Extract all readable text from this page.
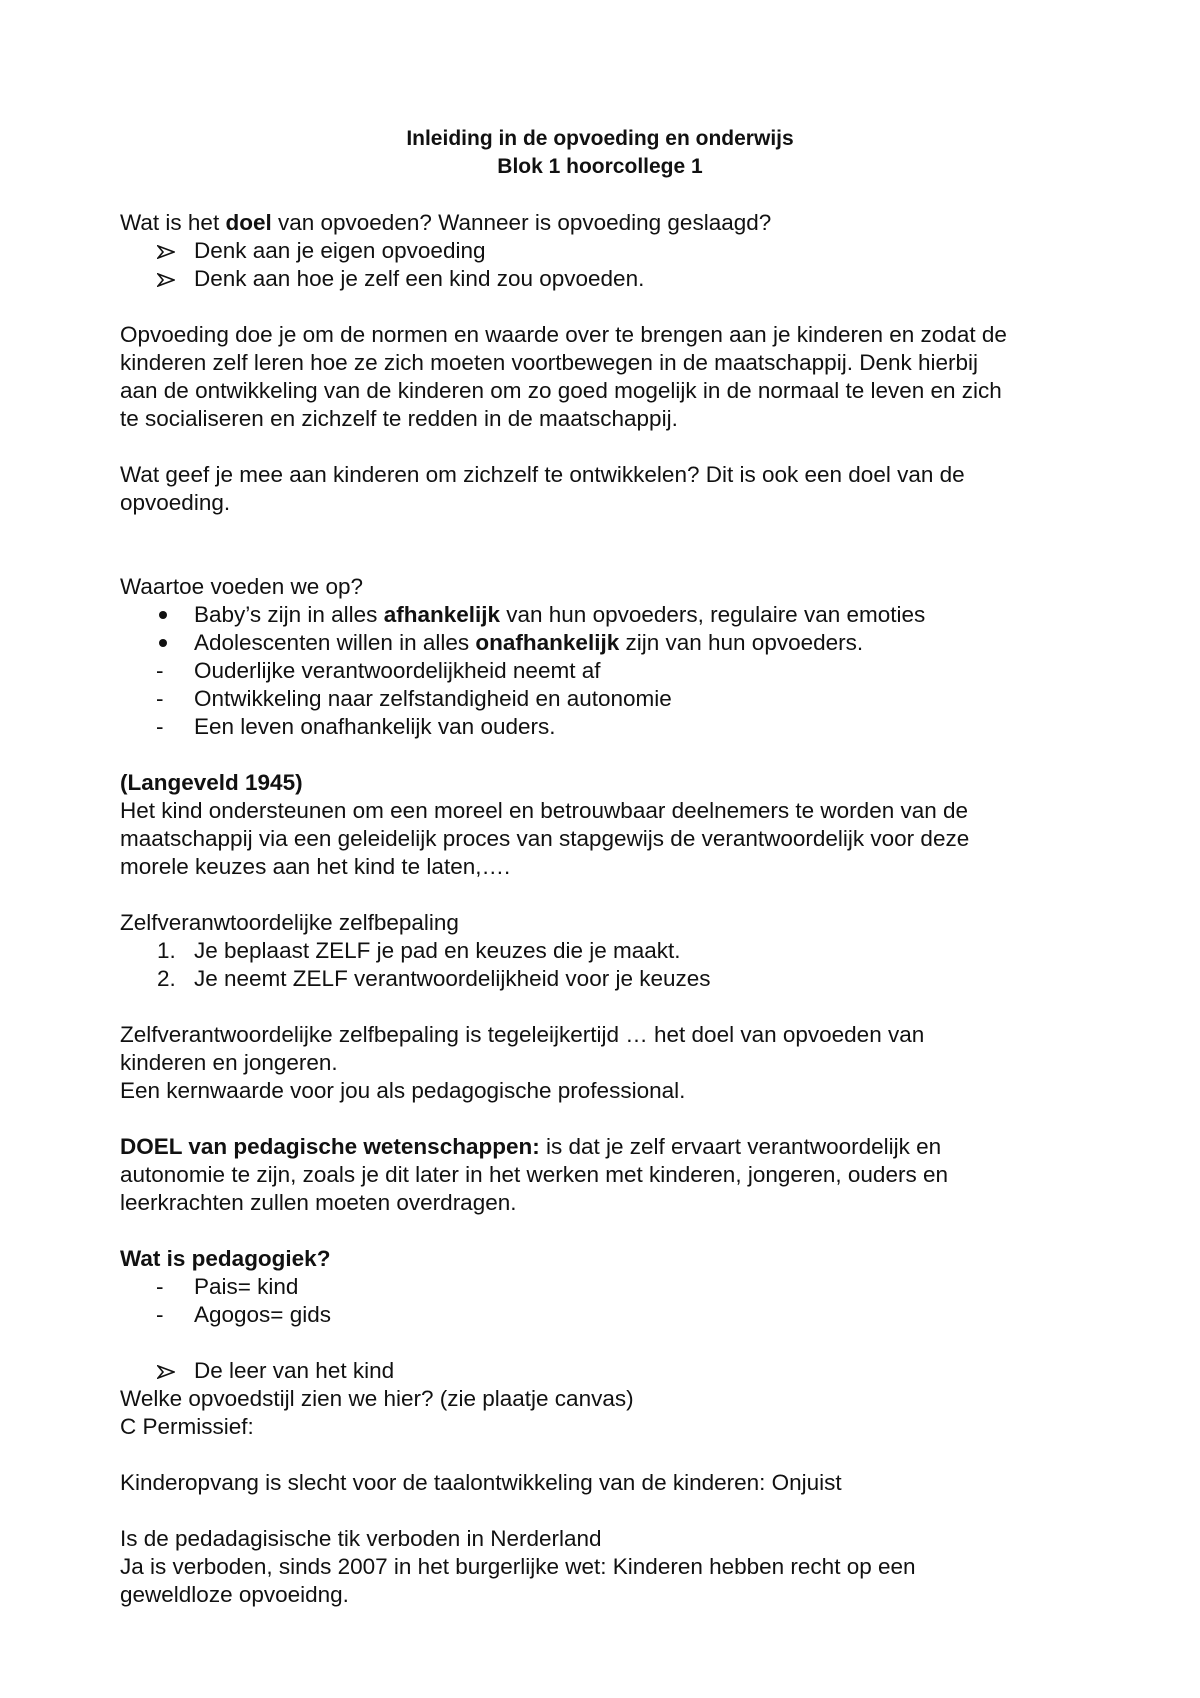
Inleiding in de opvoeding en onderwijs

Blok 1 hoorcollege 1

Wat is het doel van opvoeden? Wanneer is opvoeding geslaagd?

Denk aan je eigen opvoeding
Denk aan hoe je zelf een kind zou opvoeden.

Opvoeding doe je om de normen en waarde over te brengen aan je kinderen en zodat de

kinderen zelf leren hoe ze zich moeten voortbewegen in de maatschappij. Denk hierbij

aan de ontwikkeling van de kinderen om zo goed mogelijk in de normaal te leven en zich

te socialiseren en zichzelf te redden in de maatschappij.

Wat geef je mee aan kinderen om zichzelf te ontwikkelen? Dit is ook een doel van de

opvoeding.

Waartoe voeden we op?

Baby’s zijn in alles afhankelijk van hun opvoeders, regulaire van emoties
Adolescenten willen in alles onafhankelijk zijn van hun opvoeders.
-	Ouderlijke verantwoordelijkheid neemt af
-	Ontwikkeling naar zelfstandigheid en autonomie
-	Een leven onafhankelijk van ouders.

(Langeveld 1945)

Het kind ondersteunen om een moreel en betrouwbaar deelnemers te worden van de

maatschappij via een geleidelijk proces van stapgewijs de verantwoordelijk voor deze

morele keuzes aan het kind te laten,….

Zelfveranwtoordelijke zelfbepaling

1. Je beplaast ZELF je pad en keuzes die je maakt.
2. Je neemt ZELF verantwoordelijkheid voor je keuzes

Zelfverantwoordelijke zelfbepaling is tegeleijkertijd … het doel van opvoeden van

kinderen en jongeren.

Een kernwaarde voor jou als pedagogische professional.

DOEL van pedagische wetenschappen: is dat je zelf ervaart verantwoordelijk en

autonomie te zijn, zoals je dit later in het werken met kinderen, jongeren, ouders en

leerkrachten zullen moeten overdragen.

Wat is pedagogiek?

-	Pais= kind
-	Agogos= gids
De leer van het kind

Welke opvoedstijl zien we hier? (zie plaatje canvas)

C Permissief:

Kinderopvang is slecht voor de taalontwikkeling van de kinderen: Onjuist

Is de pedadagisische tik verboden in Nerderland

Ja is verboden, sinds 2007 in het burgerlijke wet: Kinderen hebben recht op een

geweldloze opvoeidng.
